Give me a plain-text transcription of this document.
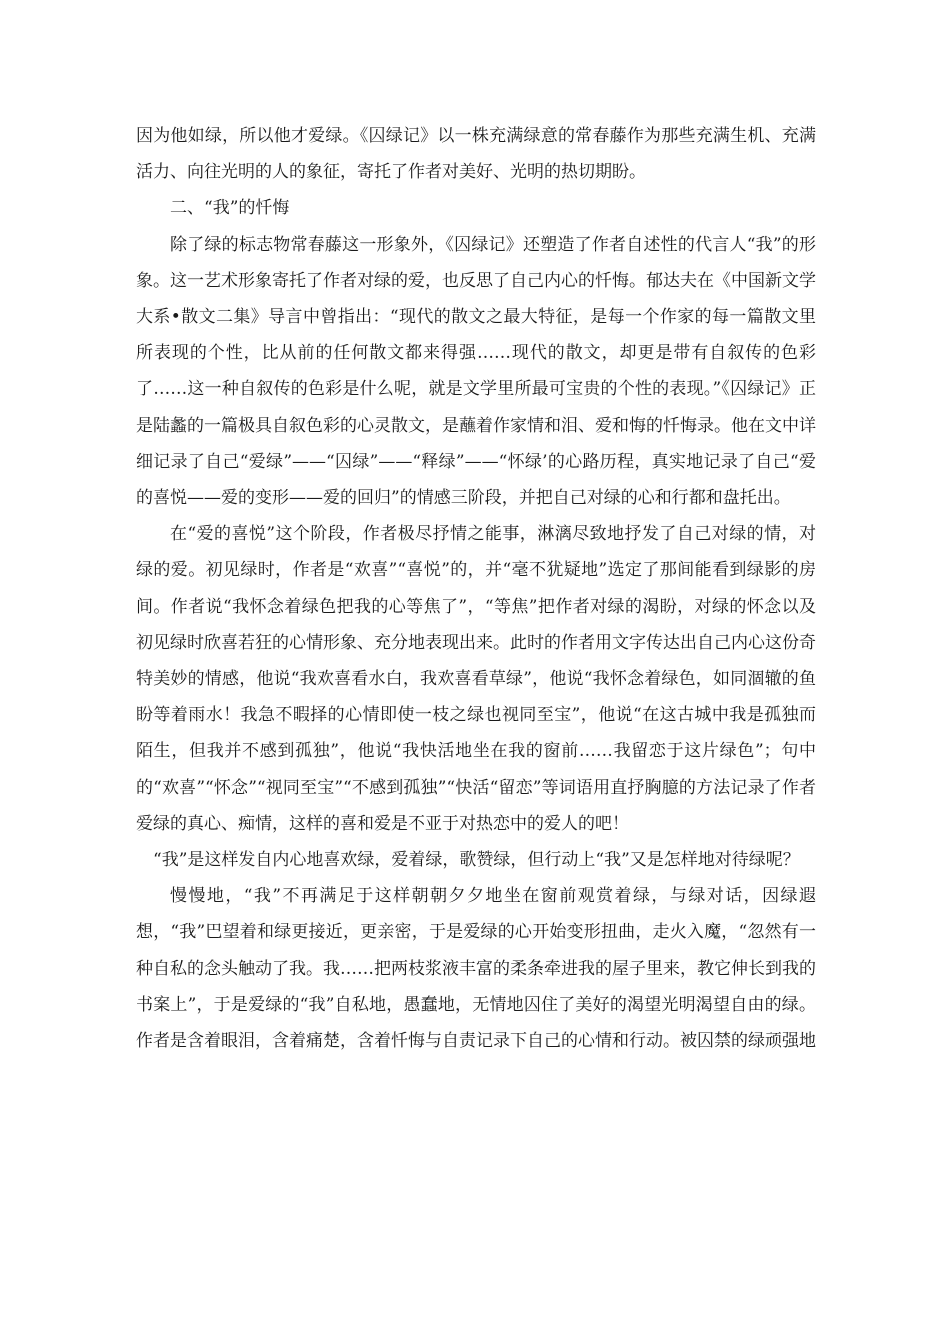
因为他如绿，所以他才爱绿。《囚绿记》以一株充满绿意的常春藤作为那些充满生机、充满活力、向往光明的人的象征，寄托了作者对美好、光明的热切期盼。

二、“我”的忏悔

除了绿的标志物常春藤这一形象外，《囚绿记》还塑造了作者自述性的代言人“我”的形象。这一艺术形象寄托了作者对绿的爱，也反思了自己内心的忏悔。郁达夫在《中国新文学大系•散文二集》导言中曾指出：“现代的散文之最大特征，是每一个作家的每一篇散文里所表现的个性，比从前的任何散文都来得强……现代的散文，却更是带有自叙传的色彩了……这一种自叙传的色彩是什么呢，就是文学里所最可宝贵的个性的表现。”《囚绿记》正是陆蠡的一篇极具自叙色彩的心灵散文，是蘸着作家情和泪、爱和悔的忏悔录。他在文中详细记录了自己“爱绿”——“囚绿”——“释绿”——“怀绿’的心路历程，真实地记录了自己“爱的喜悦——爱的变形——爱的回归”的情感三阶段，并把自己对绿的心和行都和盘托出。

在“爱的喜悦”这个阶段，作者极尽抒情之能事，淋漓尽致地抒发了自己对绿的情，对绿的爱。初见绿时，作者是“欢喜”“喜悦”的，并“毫不犹疑地”选定了那间能看到绿影的房间。作者说“我怀念着绿色把我的心等焦了”，“等焦”把作者对绿的渴盼，对绿的怀念以及初见绿时欣喜若狂的心情形象、充分地表现出来。此时的作者用文字传达出自己内心这份奇特美妙的情感，他说“我欢喜看水白，我欢喜看草绿”，他说“我怀念着绿色，如同涸辙的鱼盼等着雨水！我急不暇择的心情即使一枝之绿也视同至宝”，他说“在这古城中我是孤独而陌生，但我并不感到孤独”，他说“我快活地坐在我的窗前……我留恋于这片绿色”；句中的“欢喜”“怀念”“视同至宝”“不感到孤独”“快活“留恋”等词语用直抒胸臆的方法记录了作者爱绿的真心、痴情，这样的喜和爱是不亚于对热恋中的爱人的吧！

“我”是这样发自内心地喜欢绿，爱着绿，歌赞绿，但行动上“我”又是怎样地对待绿呢？

慢慢地，“我”不再满足于这样朝朝夕夕地坐在窗前观赏着绿，与绿对话，因绿遐想，“我”巴望着和绿更接近，更亲密，于是爱绿的心开始变形扭曲，走火入魔，“忽然有一种自私的念头触动了我。我……把两枝浆液丰富的柔条牵进我的屋子里来，教它伸长到我的书案上”，于是爱绿的“我”自私地，愚蠢地，无情地囚住了美好的渴望光明渴望自由的绿。作者是含着眼泪，含着痛楚，含着忏悔与自责记录下自己的心情和行动。被囚禁的绿顽强地
